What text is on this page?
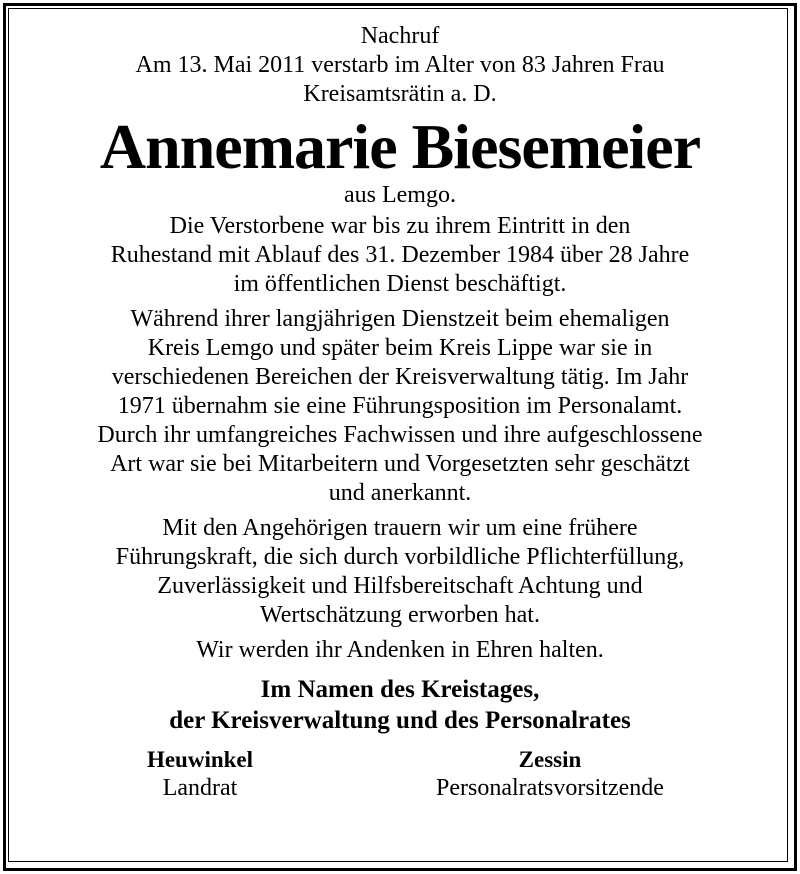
Nachruf
Am 13. Mai 2011 verstarb im Alter von 83 Jahren Frau
Kreisamtsrätin a. D.
Annemarie Biesemeier
aus Lemgo.
Die Verstorbene war bis zu ihrem Eintritt in den
Ruhestand mit Ablauf des 31. Dezember 1984 über 28 Jahre
im öffentlichen Dienst beschäftigt.
Während ihrer langjährigen Dienstzeit beim ehemaligen
Kreis Lemgo und später beim Kreis Lippe war sie in
verschiedenen Bereichen der Kreisverwaltung tätig. Im Jahr
1971 übernahm sie eine Führungsposition im Personalamt.
Durch ihr umfangreiches Fachwissen und ihre aufgeschlossene
Art war sie bei Mitarbeitern und Vorgesetzten sehr geschätzt
und anerkannt.
Mit den Angehörigen trauern wir um eine frühere
Führungskraft, die sich durch vorbildliche Pflichterfüllung,
Zuverlässigkeit und Hilfsbereitschaft Achtung und
Wertschätzung erworben hat.
Wir werden ihr Andenken in Ehren halten.
Im Namen des Kreistages,
der Kreisverwaltung und des Personalrates
Heuwinkel
Landrat
Zessin
Personalratsvorsitzende
